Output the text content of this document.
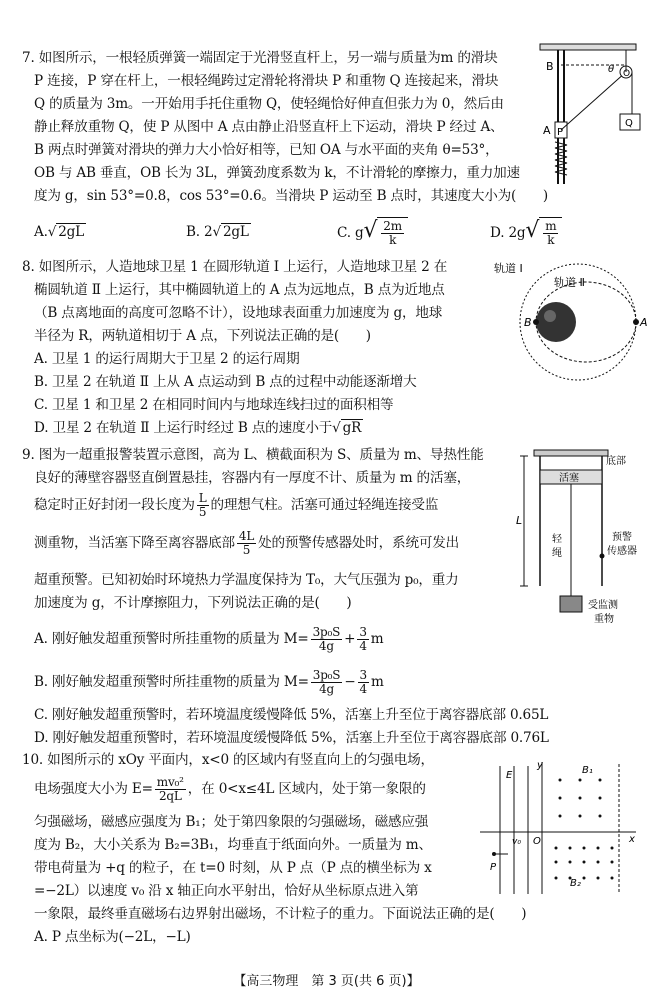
7. 如图所示，一根轻质弹簧一端固定于光滑竖直杆上，另一端与质量为m 的滑块
P 连接，P 穿在杆上，一根轻绳跨过定滑轮将滑块 P 和重物 Q 连接起来，滑块
Q 的质量为 3m。一开始用手托住重物 Q，使轻绳恰好伸直但张力为 0，然后由
静止释放重物 Q，使 P 从图中 A 点由静止沿竖直杆上下运动，滑块 P 经过 A、
B 两点时弹簧对滑块的弹力大小恰好相等，已知 OA 与水平面的夹角 θ=53°，
OB 与 AB 垂直，OB 长为 3L，弹簧劲度系数为 k，不计滑轮的摩擦力，重力加速
度为 g，sin 53°=0.8，cos 53°=0.6。当滑块 P 运动至 B 点时，其速度大小为(　　)
A.√ 2gL	B. 2√ 2gL	C. $g√ \frac{2m}{k}$	D. $2g√ \frac{m}{k}$
B
A P
Q
O
θ
8. 如图所示，人造地球卫星 1 在圆形轨道 Ⅰ 上运行，人造地球卫星 2 在
椭圆轨道 Ⅱ 上运行，其中椭圆轨道上的 A 点为远地点，B 点为近地点
（B 点离地面的高度可忽略不计），设地球表面重力加速度为 g，地球
半径为 R，两轨道相切于 A 点，下列说法正确的是(　　)
A. 卫星 1 的运行周期大于卫星 2 的运行周期
B. 卫星 2 在轨道 Ⅱ 上从 A 点运动到 B 点的过程中动能逐渐增大
C. 卫星 1 和卫星 2 在相同时间内与地球连线扫过的面积相等
D. 卫星 2 在轨道 Ⅱ 上运行时经过 B 点的速度小于√ gR
轨道 Ⅰ
轨道 Ⅱ
B	A
9. 图为一超重报警装置示意图，高为 L、横截面积为 S、质量为 m、导热性能
良好的薄壁容器竖直倒置悬挂，容器内有一厚度不计、质量为 m 的活塞，
稳定时正好封闭一段长度为 $\frac{L}{5}$ 的理想气柱。活塞可通过轻绳连接受监
测重物，当活塞下降至离容器底部 $\frac{4L}{5}$ 处的预警传感器处时，系统可发出
超重预警。已知初始时环境热力学温度保持为 T₀，大气压强为 p₀，重力
加速度为 g，不计摩擦阻力，下列说法正确的是(　　)
A. 刚好触发超重预警时所挂重物的质量为 $M= \frac{\text{3p₀S}}{4g} + \frac{3}{4}$ m
B. 刚好触发超重预警时所挂重物的质量为 $M= \frac{\text{3p₀S}}{4g} - \frac{3}{4}$ m
C. 刚好触发超重预警时，若环境温度缓慢降低 5%，活塞上升至位于离容器底部 0.65L
D. 刚好触发超重预警时，若环境温度缓慢降低 5%，活塞上升至位于离容器底部 0.76L
底部
活塞
L
轻
绳
预警
传感器
受监测
重物
10. 如图所示的 xOy 平面内，x<0 的区域内有竖直向上的匀强电场，
电场强度大小为 $E= \frac{\text{mv₀²}}{2qL}$ ，在 0<x≤4L 区域内，处于第一象限的
匀强磁场，磁感应强度为 B₁；处于第四象限的匀强磁场，磁感应强
度为 B₂，大小关系为 B₂=3B₁，均垂直于纸面向外。一质量为 m、
带电荷量为 +q 的粒子，在 t=0 时刻，从 P 点（P 点的横坐标为 x
=−2L）以速度 v₀ 沿 x 轴正向水平射出，恰好从坐标原点进入第
一象限，最终垂直磁场右边界射出磁场，不计粒子的重力。下面说法正确的是(　　)
A. P 点坐标为(−2L，−L)
y
x
E
O
B₁
B₂
v₀
P
【高三物理　第 3 页(共 6 页)】
